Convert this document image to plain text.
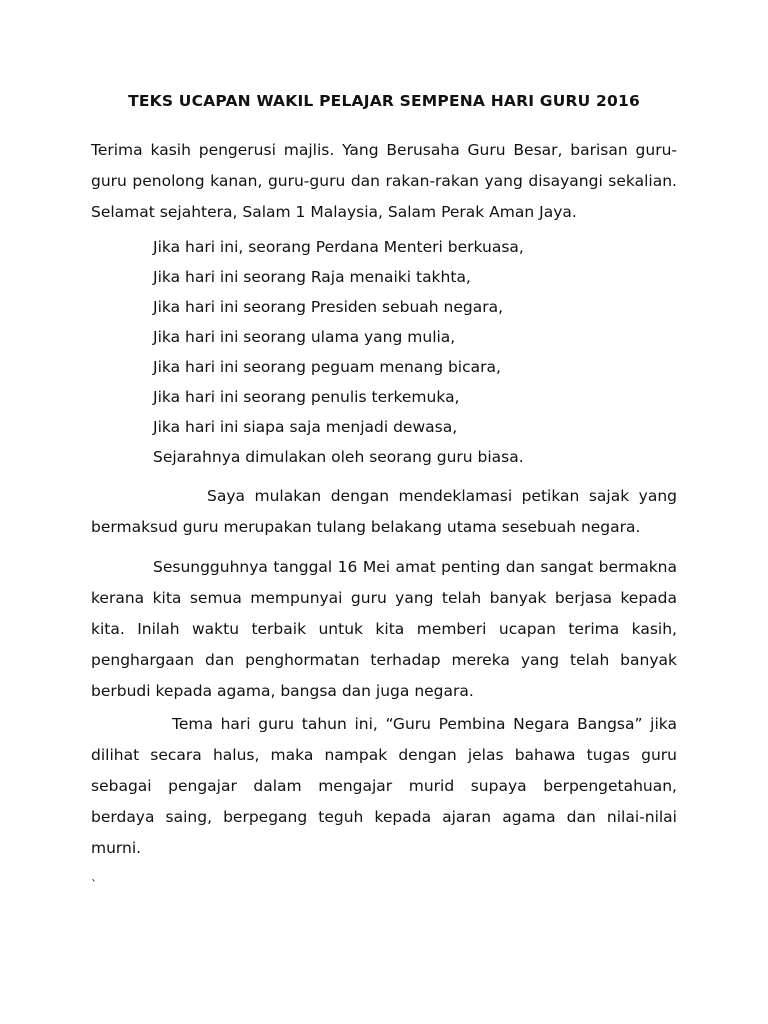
TEKS UCAPAN WAKIL PELAJAR SEMPENA HARI GURU 2016
Terima kasih pengerusi majlis. Yang Berusaha Guru Besar, barisan guru-
guru penolong kanan, guru-guru dan rakan-rakan yang disayangi sekalian.
Selamat sejahtera, Salam 1 Malaysia, Salam Perak Aman Jaya.
Jika hari ini, seorang Perdana Menteri berkuasa,
Jika hari ini seorang Raja menaiki takhta,
Jika hari ini seorang Presiden sebuah negara,
Jika hari ini seorang ulama yang mulia,
Jika hari ini seorang peguam menang bicara,
Jika hari ini seorang penulis terkemuka,
Jika hari ini siapa saja menjadi dewasa,
Sejarahnya dimulakan oleh seorang guru biasa.
Saya mulakan dengan mendeklamasi petikan sajak yang
bermaksud guru merupakan tulang belakang utama sesebuah negara.
Sesungguhnya tanggal 16 Mei amat penting dan sangat bermakna
kerana kita semua mempunyai guru yang telah banyak berjasa kepada
kita. Inilah waktu terbaik untuk kita memberi ucapan terima kasih,
penghargaan dan penghormatan terhadap mereka yang telah banyak
berbudi kepada agama, bangsa dan juga negara.
Tema hari guru tahun ini, “Guru Pembina Negara Bangsa” jika
dilihat secara halus, maka nampak dengan jelas bahawa tugas guru
sebagai pengajar dalam mengajar murid supaya berpengetahuan,
berdaya saing, berpegang teguh kepada ajaran agama dan nilai-nilai
murni.
`
